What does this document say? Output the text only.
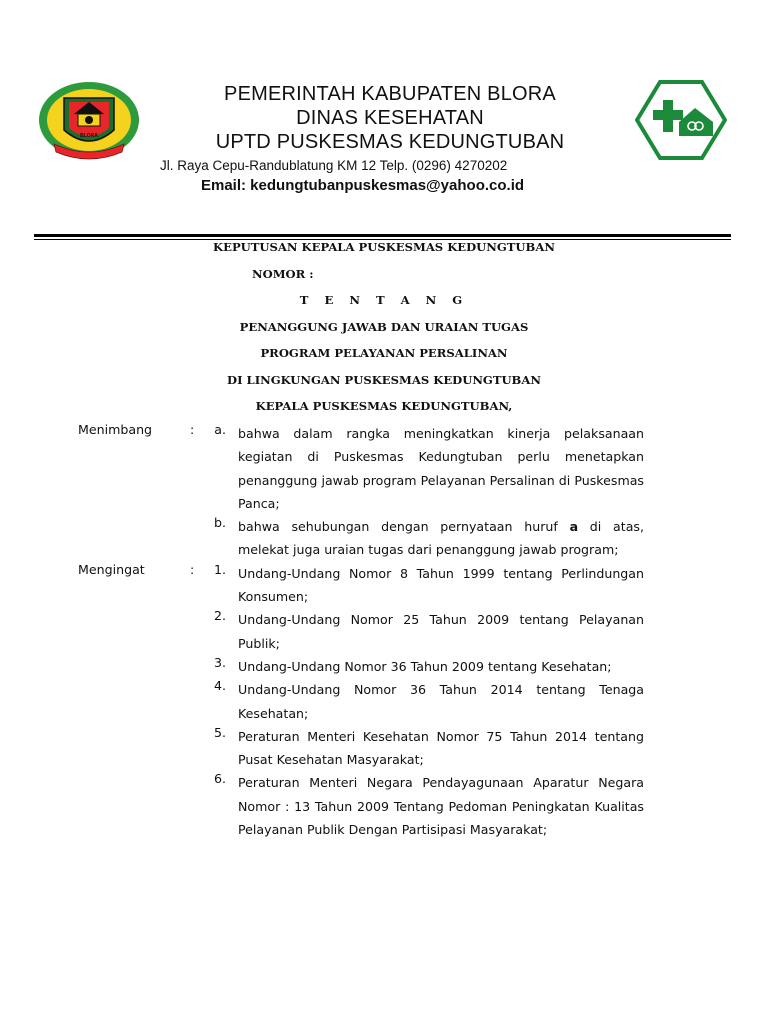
BLORA
PEMERINTAH KABUPATEN BLORA
DINAS KESEHATAN
UPTD PUSKESMAS KEDUNGTUBAN
Jl. Raya Cepu-Randublatung KM 12 Telp. (0296) 4270202
Email: kedungtubanpuskesmas@yahoo.co.id
KEPUTUSAN KEPALA PUSKESMAS KEDUNGTUBAN
NOMOR :
T E N T A N G
PENANGGUNG JAWAB DAN URAIAN TUGAS
PROGRAM PELAYANAN PERSALINAN
DI LINGKUNGAN PUSKESMAS KEDUNGTUBAN
KEPALA PUSKESMAS KEDUNGTUBAN,
Menimbang	:	a. bahwa dalam rangka meningkatkan kinerja pelaksanaan kegiatan di Puskesmas Kedungtuban perlu menetapkan penanggung jawab program Pelayanan Persalinan di Puskesmas Panca;
b. bahwa sehubungan dengan pernyataan huruf a di atas, melekat juga uraian tugas dari penanggung jawab program;
Mengingat	:	1. Undang-Undang Nomor 8 Tahun 1999 tentang Perlindungan Konsumen;
2. Undang-Undang Nomor 25 Tahun 2009 tentang Pelayanan Publik;
3. Undang-Undang Nomor 36 Tahun 2009 tentang Kesehatan;
4. Undang-Undang Nomor 36 Tahun 2014 tentang Tenaga Kesehatan;
5. Peraturan Menteri Kesehatan Nomor 75 Tahun 2014 tentang Pusat Kesehatan Masyarakat;
6. Peraturan Menteri Negara Pendayagunaan Aparatur Negara Nomor : 13 Tahun 2009 Tentang Pedoman Peningkatan Kualitas Pelayanan Publik Dengan Partisipasi Masyarakat;
